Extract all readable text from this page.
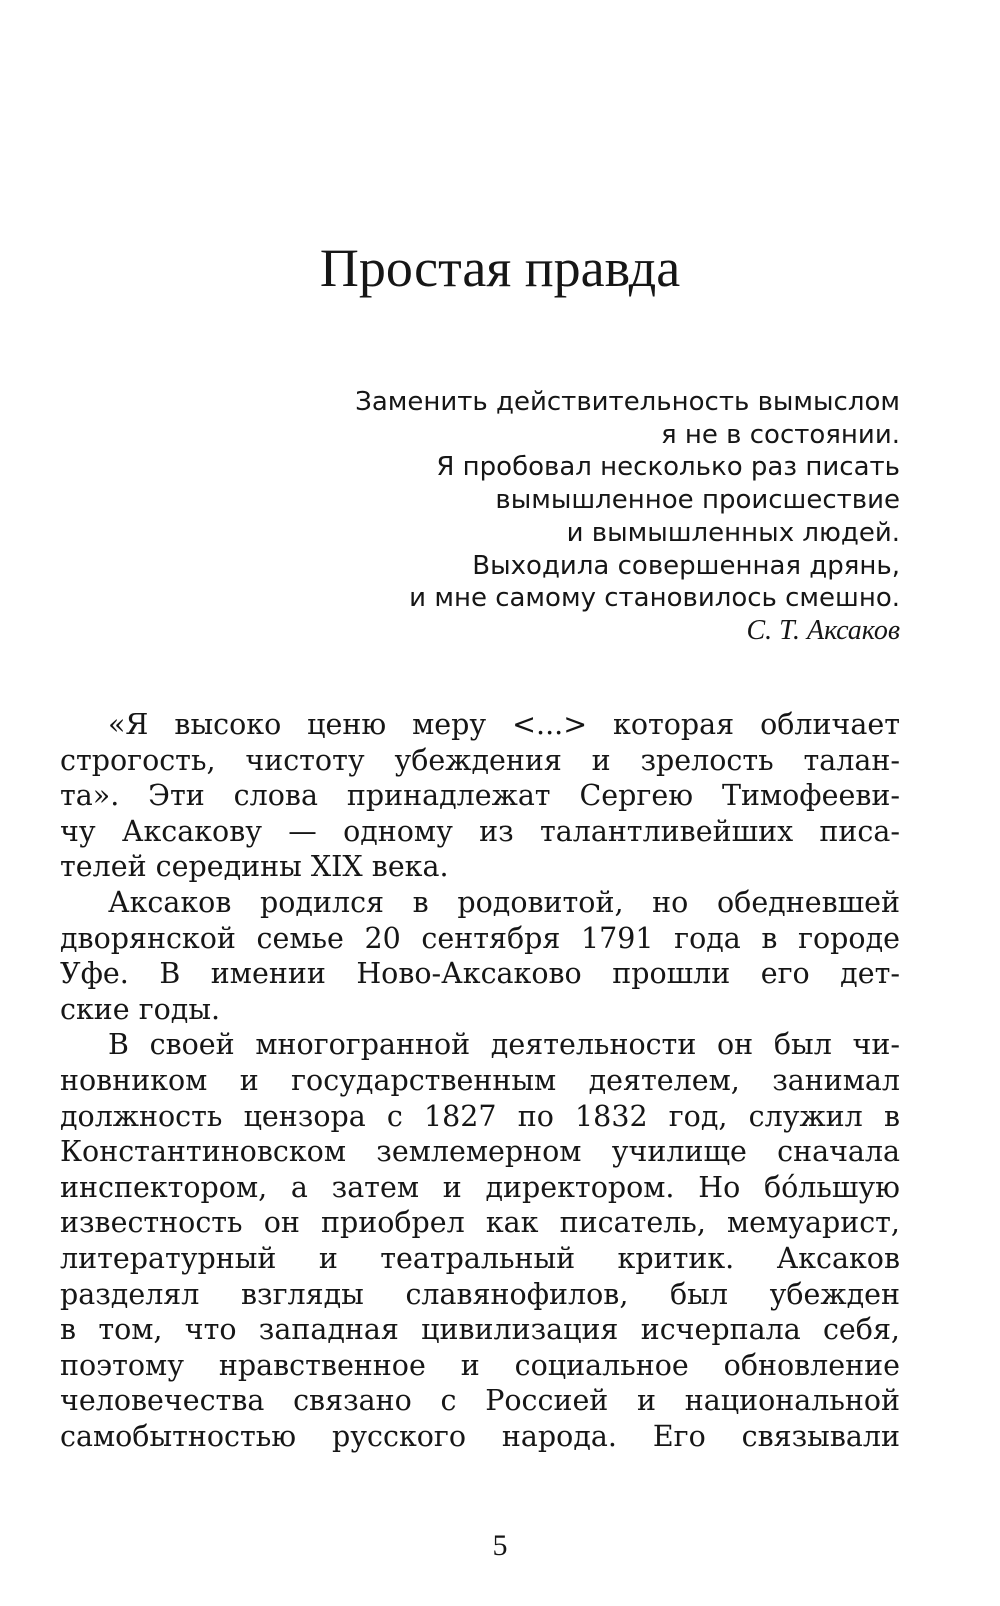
Простая правда
Заменить действительность вымыслом
я не в состоянии.
Я пробовал несколько раз писать
вымышленное происшествие
и вымышленных людей.
Выходила совершенная дрянь,
и мне самому становилось смешно.
С. Т. Аксаков
«Я высоко ценю меру <...> которая обличает
строгость, чистоту убеждения и зрелость талан-
та». Эти слова принадлежат Сергею Тимофееви-
чу Аксакову — одному из талантливейших писа-
телей середины XIX века.
Аксаков родился в родовитой, но обедневшей
дворянской семье 20 сентября 1791 года в городе
Уфе. В имении Ново-Аксаково прошли его дет-
ские годы.
В своей многогранной деятельности он был чи-
новником и государственным деятелем, занимал
должность цензора с 1827 по 1832 год, служил в
Константиновском землемерном училище сначала
инспектором, а затем и директором. Но бóльшую
известность он приобрел как писатель, мемуарист,
литературный и театральный критик. Аксаков
разделял взгляды славянофилов, был убежден
в том, что западная цивилизация исчерпала себя,
поэтому нравственное и социальное обновление
человечества связано с Россией и национальной
самобытностью русского народа. Его связывали
5
